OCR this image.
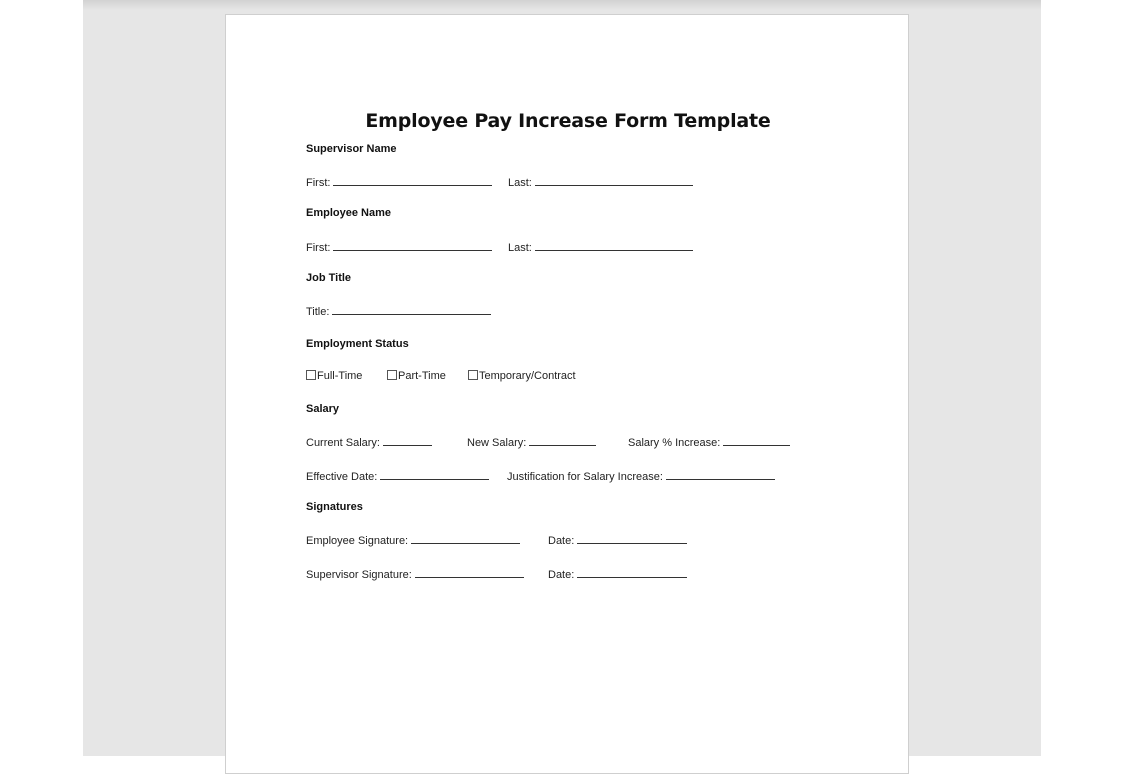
Employee Pay Increase Form Template
Supervisor Name
First:	Last:
Employee Name
First:	Last:
Job Title
Title:
Employment Status
Full-Time	Part-Time	Temporary/Contract
Salary
Current Salary:	New Salary:	Salary % Increase:
Effective Date:	Justification for Salary Increase:
Signatures
Employee Signature:	Date:
Supervisor Signature:	Date:
